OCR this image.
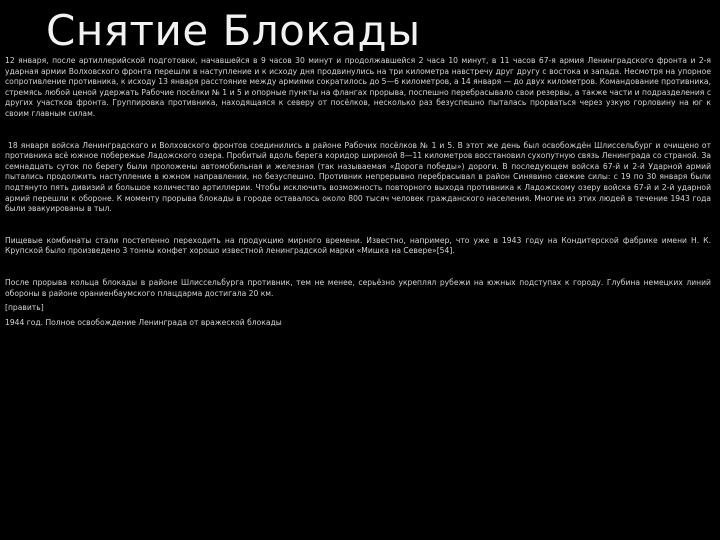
Снятие Блокады

12 января, после артиллерийской подготовки, начавшейся в 9 часов 30 минут и продолжавшейся 2 часа 10 минут, в 11 часов 67-я армия Ленинградского фронта и 2-я ударная армии Волховского фронта перешли в наступление и к исходу дня продвинулись на три километра навстречу друг другу с востока и запада. Несмотря на упорное сопротивление противника, к исходу 13 января расстояние между армиями сократилось до 5—6 километров, а 14 января — до двух километров. Командование противника, стремясь любой ценой удержать Рабочие посёлки № 1 и 5 и опорные пункты на флангах прорыва, поспешно перебрасывало свои резервы, а также части и подразделения с других участков фронта. Группировка противника, находящаяся к северу от посёлков, несколько раз безуспешно пыталась прорваться через узкую горловину на юг к своим главным силам.

18 января войска Ленинградского и Волховского фронтов соединились в районе Рабочих посёлков № 1 и 5. В этот же день был освобождён Шлиссельбург и очищено от противника всё южное побережье Ладожского озера. Пробитый вдоль берега коридор шириной 8—11 километров восстановил сухопутную связь Ленинграда со страной. За семнадцать суток по берегу были проложены автомобильная и железная (так называемая «Дорога победы») дороги. В последующем войска 67-й и 2-й Ударной армий пытались продолжить наступление в южном направлении, но безуспешно. Противник непрерывно перебрасывал в район Синявино свежие силы: с 19 по 30 января были подтянуто пять дивизий и большое количество артиллерии. Чтобы исключить возможность повторного выхода противника к Ладожскому озеру войска 67-й и 2-й ударной армий перешли к обороне. К моменту прорыва блокады в городе оставалось около 800 тысяч человек гражданского населения. Многие из этих людей в течение 1943 года были эвакуированы в тыл.

Пищевые комбинаты стали постепенно переходить на продукцию мирного времени. Известно, например, что уже в 1943 году на Кондитерской фабрике имени Н. К. Крупской было произведено 3 тонны конфет хорошо известной ленинградской марки «Мишка на Севере»[54].

После прорыва кольца блокады в районе Шлиссельбурга противник, тем не менее, серьёзно укреплял рубежи на южных подступах к городу. Глубина немецких линий обороны в районе ораниенбаумского плацдарма достигала 20 км.

[править]

1944 год. Полное освобождение Ленинграда от вражеской блокады
